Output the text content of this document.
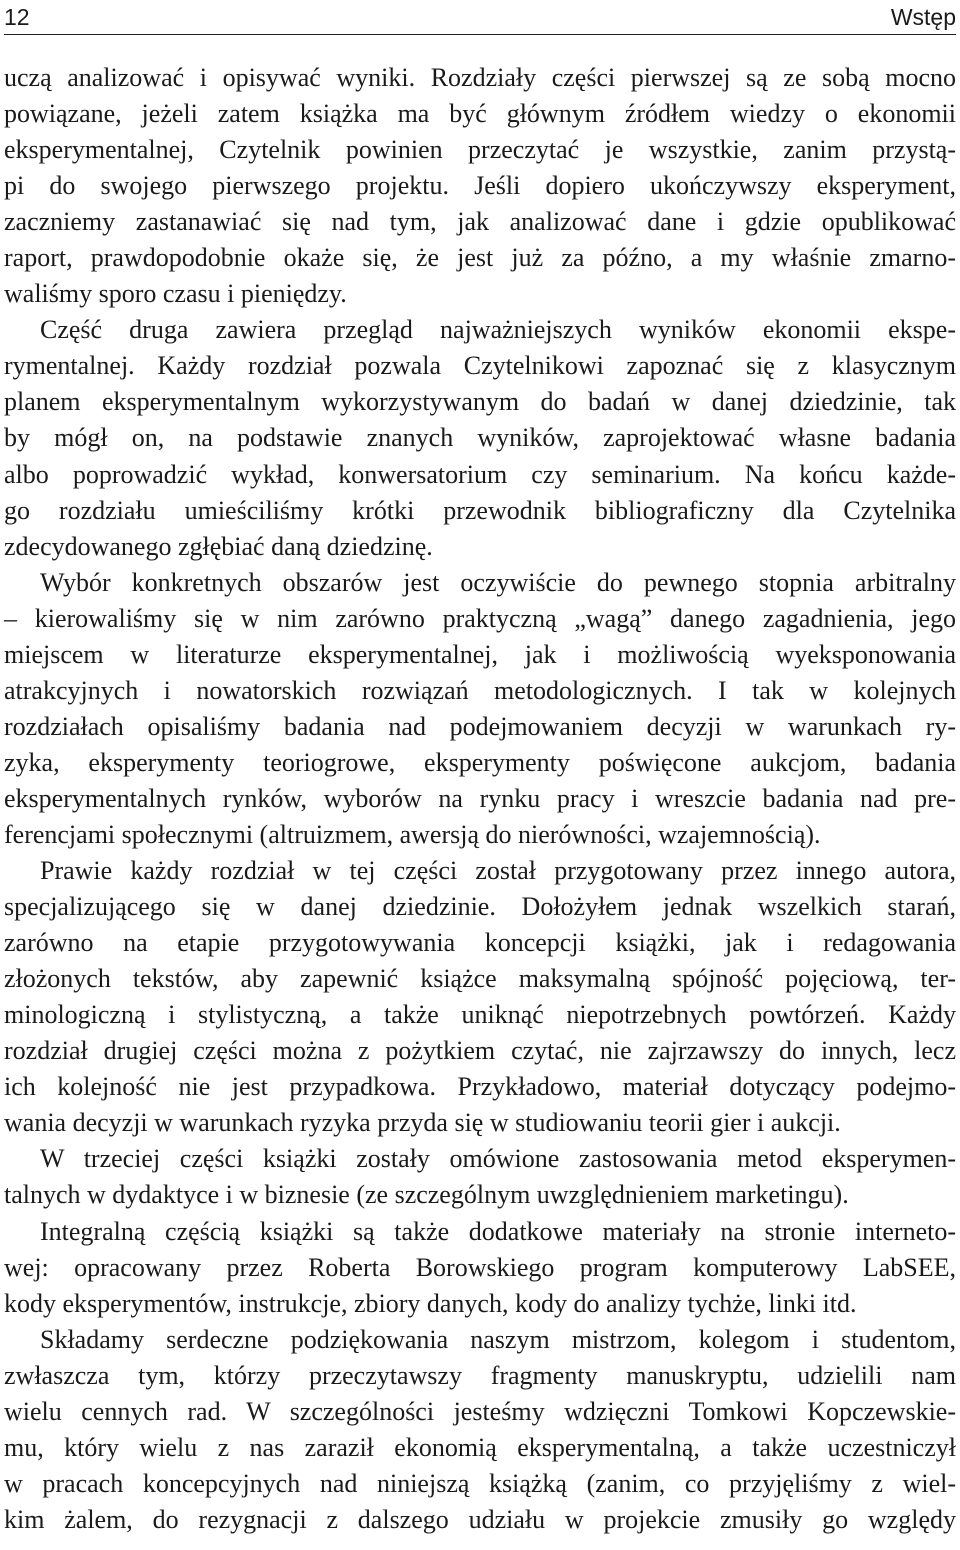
12	Wstęp

uczą analizować i opisywać wyniki. Rozdziały części pierwszej są ze sobą mocno
powiązane, jeżeli zatem książka ma być głównym źródłem wiedzy o ekonomii
eksperymentalnej, Czytelnik powinien przeczytać je wszystkie, zanim przystą-
pi do swojego pierwszego projektu. Jeśli dopiero ukończywszy eksperyment,
zaczniemy zastanawiać się nad tym, jak analizować dane i gdzie opublikować
raport, prawdopodobnie okaże się, że jest już za późno, a my właśnie zmarno-
waliśmy sporo czasu i pieniędzy.

Część druga zawiera przegląd najważniejszych wyników ekonomii ekspe-
rymentalnej. Każdy rozdział pozwala Czytelnikowi zapoznać się z klasycznym
planem eksperymentalnym wykorzystywanym do badań w danej dziedzinie, tak
by mógł on, na podstawie znanych wyników, zaprojektować własne badania
albo poprowadzić wykład, konwersatorium czy seminarium. Na końcu każde-
go rozdziału umieściliśmy krótki przewodnik bibliograficzny dla Czytelnika
zdecydowanego zgłębiać daną dziedzinę.

Wybór konkretnych obszarów jest oczywiście do pewnego stopnia arbitralny
– kierowaliśmy się w nim zarówno praktyczną „wagą” danego zagadnienia, jego
miejscem w literaturze eksperymentalnej, jak i możliwością wyeksponowania
atrakcyjnych i nowatorskich rozwiązań metodologicznych. I tak w kolejnych
rozdziałach opisaliśmy badania nad podejmowaniem decyzji w warunkach ry-
zyka, eksperymenty teoriogrowe, eksperymenty poświęcone aukcjom, badania
eksperymentalnych rynków, wyborów na rynku pracy i wreszcie badania nad pre-
ferencjami społecznymi (altruizmem, awersją do nierówności, wzajemnością).

Prawie każdy rozdział w tej części został przygotowany przez innego autora,
specjalizującego się w danej dziedzinie. Dołożyłem jednak wszelkich starań,
zarówno na etapie przygotowywania koncepcji książki, jak i redagowania
złożonych tekstów, aby zapewnić książce maksymalną spójność pojęciową, ter-
minologiczną i stylistyczną, a także uniknąć niepotrzebnych powtórzeń. Każdy
rozdział drugiej części można z pożytkiem czytać, nie zajrzawszy do innych, lecz
ich kolejność nie jest przypadkowa. Przykładowo, materiał dotyczący podejmo-
wania decyzji w warunkach ryzyka przyda się w studiowaniu teorii gier i aukcji.

W trzeciej części książki zostały omówione zastosowania metod eksperymen-
talnych w dydaktyce i w biznesie (ze szczególnym uwzględnieniem marketingu).

Integralną częścią książki są także dodatkowe materiały na stronie interneto-
wej: opracowany przez Roberta Borowskiego program komputerowy LabSEE,
kody eksperymentów, instrukcje, zbiory danych, kody do analizy tychże, linki itd.

Składamy serdeczne podziękowania naszym mistrzom, kolegom i studentom,
zwłaszcza tym, którzy przeczytawszy fragmenty manuskryptu, udzielili nam
wielu cennych rad. W szczególności jesteśmy wdzięczni Tomkowi Kopczewskie-
mu, który wielu z nas zaraził ekonomią eksperymentalną, a także uczestniczył
w pracach koncepcyjnych nad niniejszą książką (zanim, co przyjęliśmy z wiel-
kim żalem, do rezygnacji z dalszego udziału w projekcie zmusiły go względy
